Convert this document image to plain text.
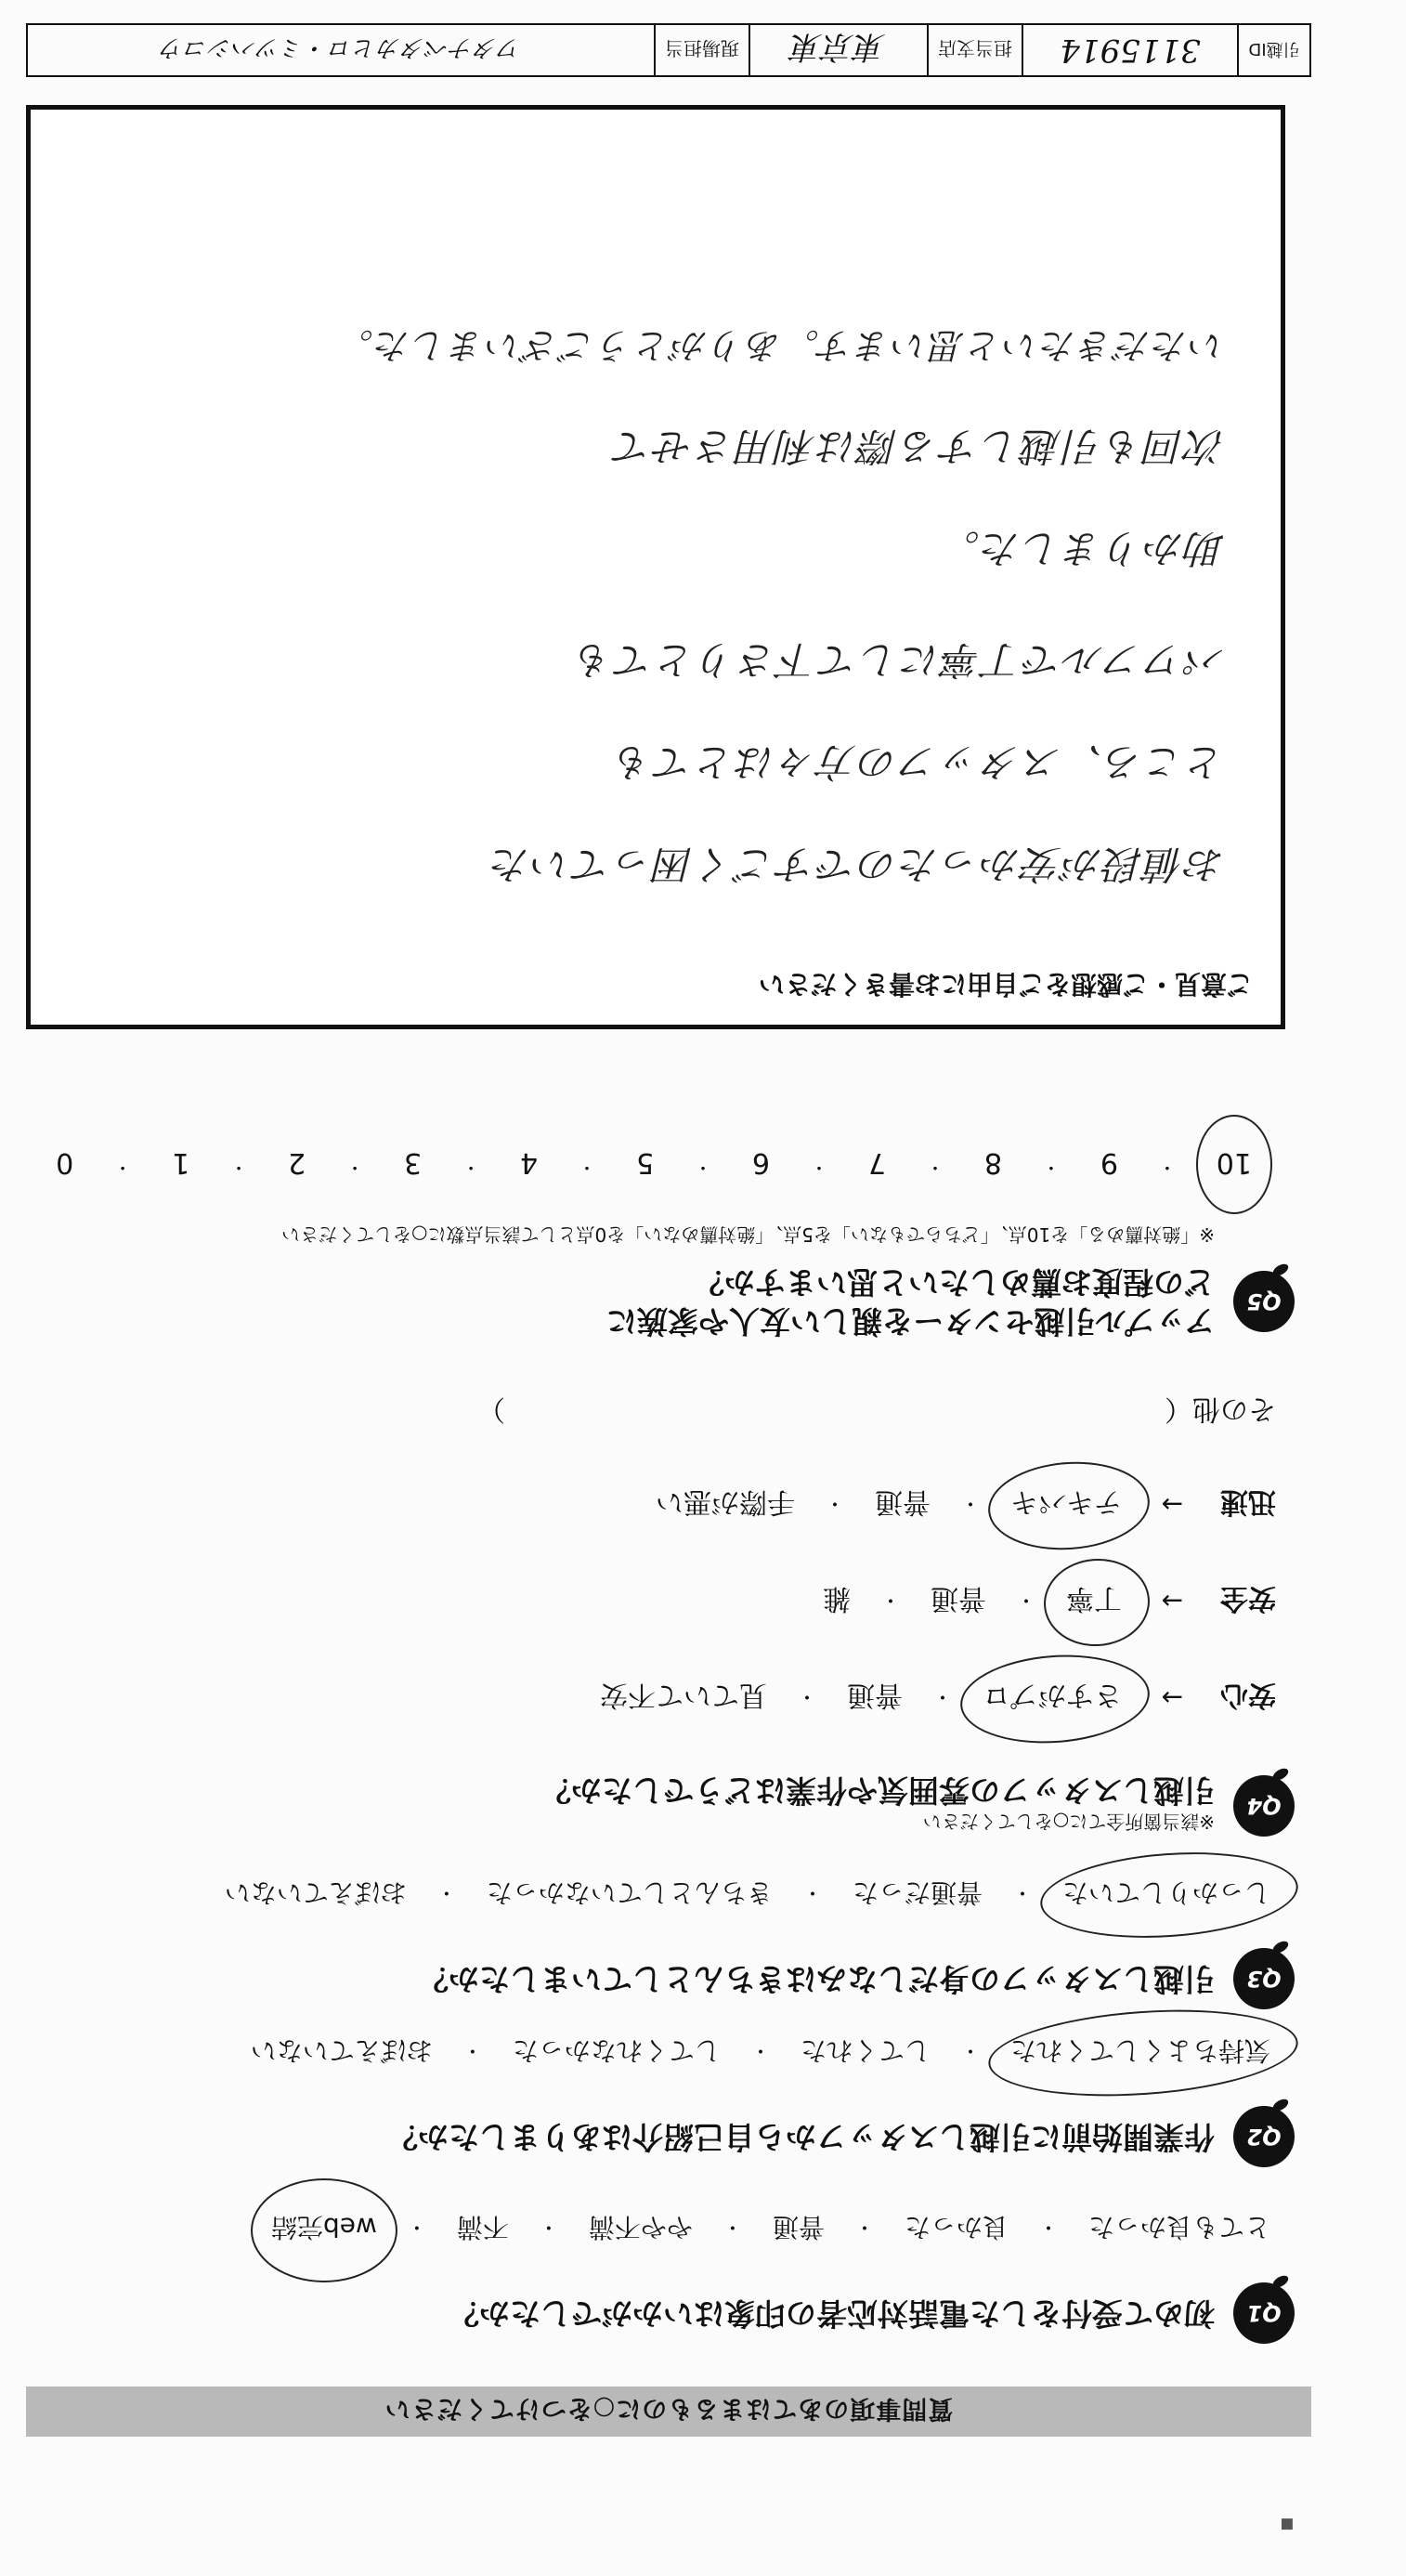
質問事項のあてはまるものに○をつけてください
Q1
初めて受付をした電話対応者の印象はいかがでしたか？
とても良かった
・
良かった
・
普通
・
やや不満
・
不満
・
web完結
Q2
作業開始前に引越しスタッフから自己紹介はありましたか？
気持ちよくしてくれた
・
してくれた
・
してくれなかった
・
おぼえていない
Q3
引越しスタッフの身だしなみはきちんとしていましたか？
しっかりしていた
・
普通だった
・
きちんとしていなかった
・
おぼえていない
Q4
※該当箇所全てに○をしてください
引越しスタッフの雰囲気や作業はどうでしたか？
安心
→
さすがプロ
・
普通
・
見ていて不安
安全
→
丁寧
・
普通
・
雑
迅速
→
テキパキ
・
普通
・
手際が悪い
その他（
）
Q5
アップル引越センターを親しい友人や家族に
どの程度お薦めしたいと思いますか？
※「絶対薦める」を10点、「どちらでもない」を5点、「絶対薦めない」を0点として該当点数に○をしてください
10
・
9
・
8
・
7
・
6
・
5
・
4
・
3
・
2
・
1
・
0
ご意見・ご感想をご自由にお書きください
お値段が安かったのですごく困っていた
ところ、スタッフの方々はとても
パワフルで丁寧にして下さりとても
助かりました。
次回も引越しする際は利用させて
いただきたいと思います。ありがとうございました。
引越ID
3115914
担当支店
東京東
現場担当
ワタナベタカヒロ・ミツハシコウ
▪
